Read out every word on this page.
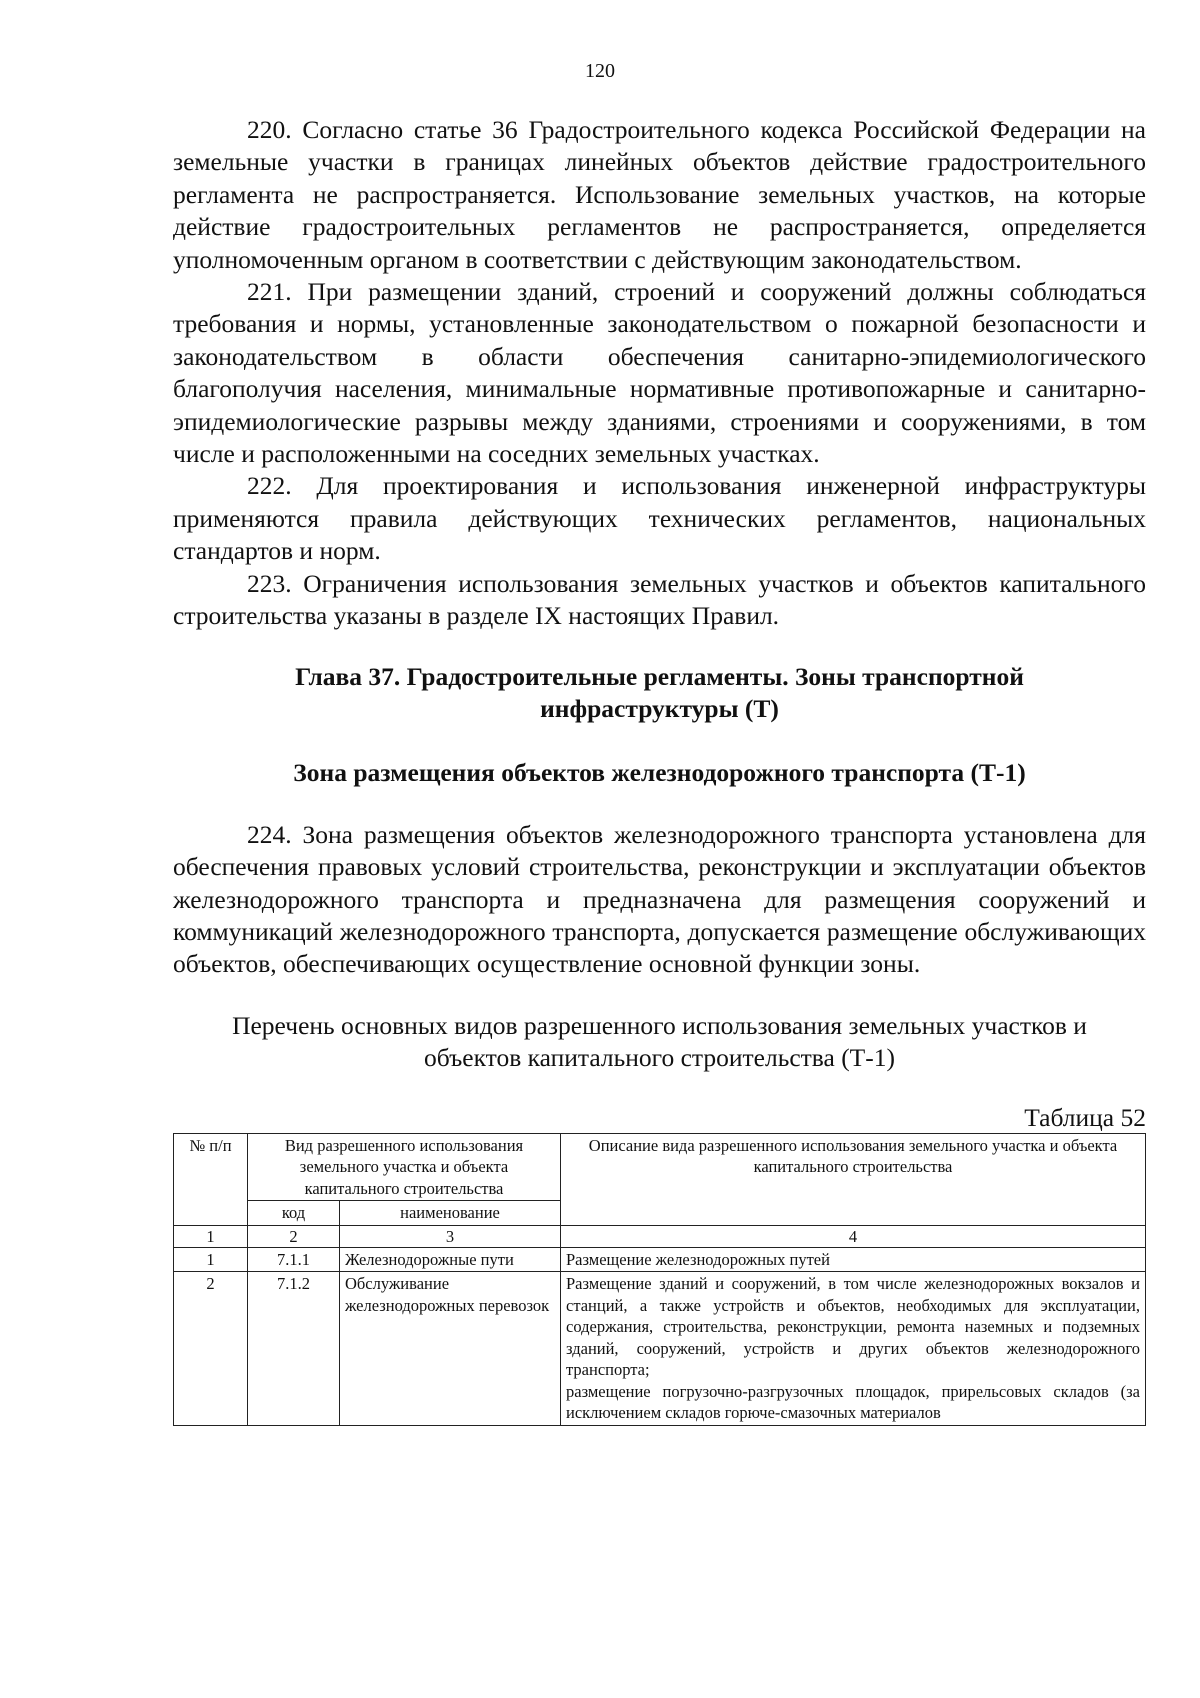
120

220. Согласно статье 36 Градостроительного кодекса Российской Федерации на земельные участки в границах линейных объектов действие градостроительного регламента не распространяется. Использование земельных участков, на которые действие градостроительных регламентов не распространяется, определяется уполномоченным органом в соответствии с действующим законодательством.

221. При размещении зданий, строений и сооружений должны соблюдаться требования и нормы, установленные законодательством о пожарной безопасности и законодательством в области обеспечения санитарно-эпидемиологического благополучия населения, минимальные нормативные противопожарные и санитарно-эпидемиологические разрывы между зданиями, строениями и сооружениями, в том числе и расположенными на соседних земельных участках.

222. Для проектирования и использования инженерной инфраструктуры применяются правила действующих технических регламентов, национальных стандартов и норм.

223. Ограничения использования земельных участков и объектов капитального строительства указаны в разделе IX настоящих Правил.

Глава 37. Градостроительные регламенты. Зоны транспортной инфраструктуры (Т)
Зона размещения объектов железнодорожного транспорта (Т-1)

224. Зона размещения объектов железнодорожного транспорта установлена для обеспечения правовых условий строительства, реконструкции и эксплуатации объектов железнодорожного транспорта и предназначена для размещения сооружений и коммуникаций железнодорожного транспорта, допускается размещение обслуживающих объектов, обеспечивающих осуществление основной функции зоны.

Перечень основных видов разрешенного использования земельных участков и объектов капитального строительства (Т-1)

Таблица 52

№ п/п	Вид разрешенного использования земельного участка и объекта капитального строительства		Описание вида разрешенного использования земельного участка и объекта капитального строительства
	код	наименование	
1	2	3	4
1	7.1.1	Железнодорожные пути	Размещение железнодорожных путей
2	7.1.2	Обслуживание железнодорожных перевозок	Размещение зданий и сооружений, в том числе железнодорожных вокзалов и станций, а также устройств и объектов, необходимых для эксплуатации, содержания, строительства, реконструкции, ремонта наземных и подземных зданий, сооружений, устройств и других объектов железнодорожного транспорта;
размещение погрузочно-разгрузочных площадок, прирельсовых складов (за исключением складов горюче-смазочных материалов
